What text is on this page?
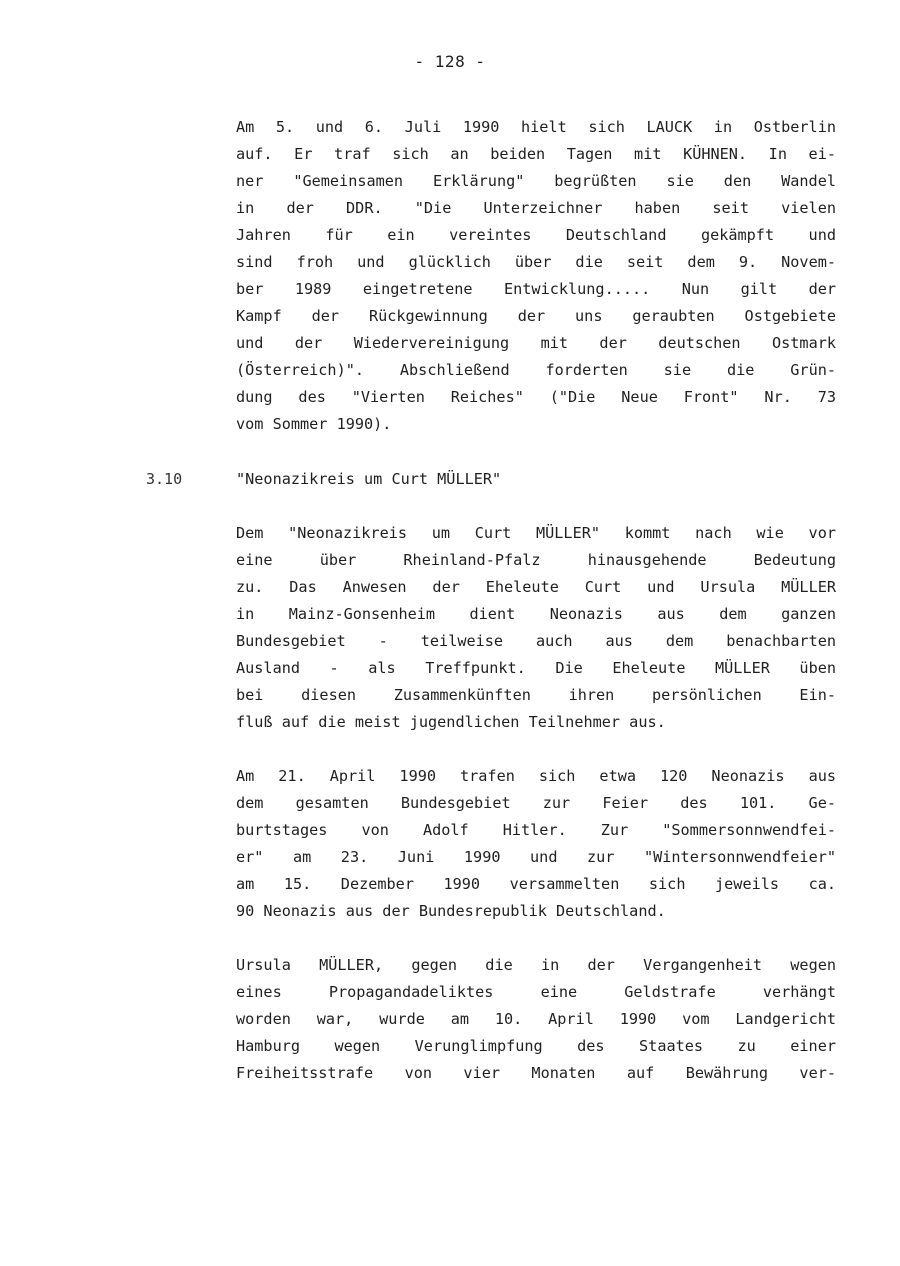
- 128 -
Am 5. und 6. Juli 1990 hielt sich LAUCK in Ostberlin
auf. Er traf sich an beiden Tagen mit KÜHNEN. In ei-
ner "Gemeinsamen Erklärung" begrüßten sie den Wandel
in der DDR. "Die Unterzeichner haben seit vielen
Jahren für ein vereintes Deutschland gekämpft und
sind froh und glücklich über die seit dem 9. Novem-
ber 1989 eingetretene Entwicklung..... Nun gilt der
Kampf der Rückgewinnung der uns geraubten Ostgebiete
und der Wiedervereinigung mit der deutschen Ostmark
(Österreich)". Abschließend forderten sie die Grün-
dung des "Vierten Reiches" ("Die Neue Front" Nr. 73
vom Sommer 1990).
3.10	"Neonazikreis um Curt MÜLLER"
Dem "Neonazikreis um Curt MÜLLER" kommt nach wie vor
eine über Rheinland-Pfalz hinausgehende Bedeutung
zu. Das Anwesen der Eheleute Curt und Ursula MÜLLER
in Mainz-Gonsenheim dient Neonazis aus dem ganzen
Bundesgebiet - teilweise auch aus dem benachbarten
Ausland - als Treffpunkt. Die Eheleute MÜLLER üben
bei diesen Zusammenkünften ihren persönlichen Ein-
fluß auf die meist jugendlichen Teilnehmer aus.
Am 21. April 1990 trafen sich etwa 120 Neonazis aus
dem gesamten Bundesgebiet zur Feier des 101. Ge-
burtstages von Adolf Hitler. Zur "Sommersonnwendfei-
er" am 23. Juni 1990 und zur "Wintersonnwendfeier"
am 15. Dezember 1990 versammelten sich jeweils ca.
90 Neonazis aus der Bundesrepublik Deutschland.
Ursula MÜLLER, gegen die in der Vergangenheit wegen
eines Propagandadeliktes eine Geldstrafe verhängt
worden war, wurde am 10. April 1990 vom Landgericht
Hamburg wegen Verunglimpfung des Staates zu einer
Freiheitsstrafe von vier Monaten auf Bewährung ver-
